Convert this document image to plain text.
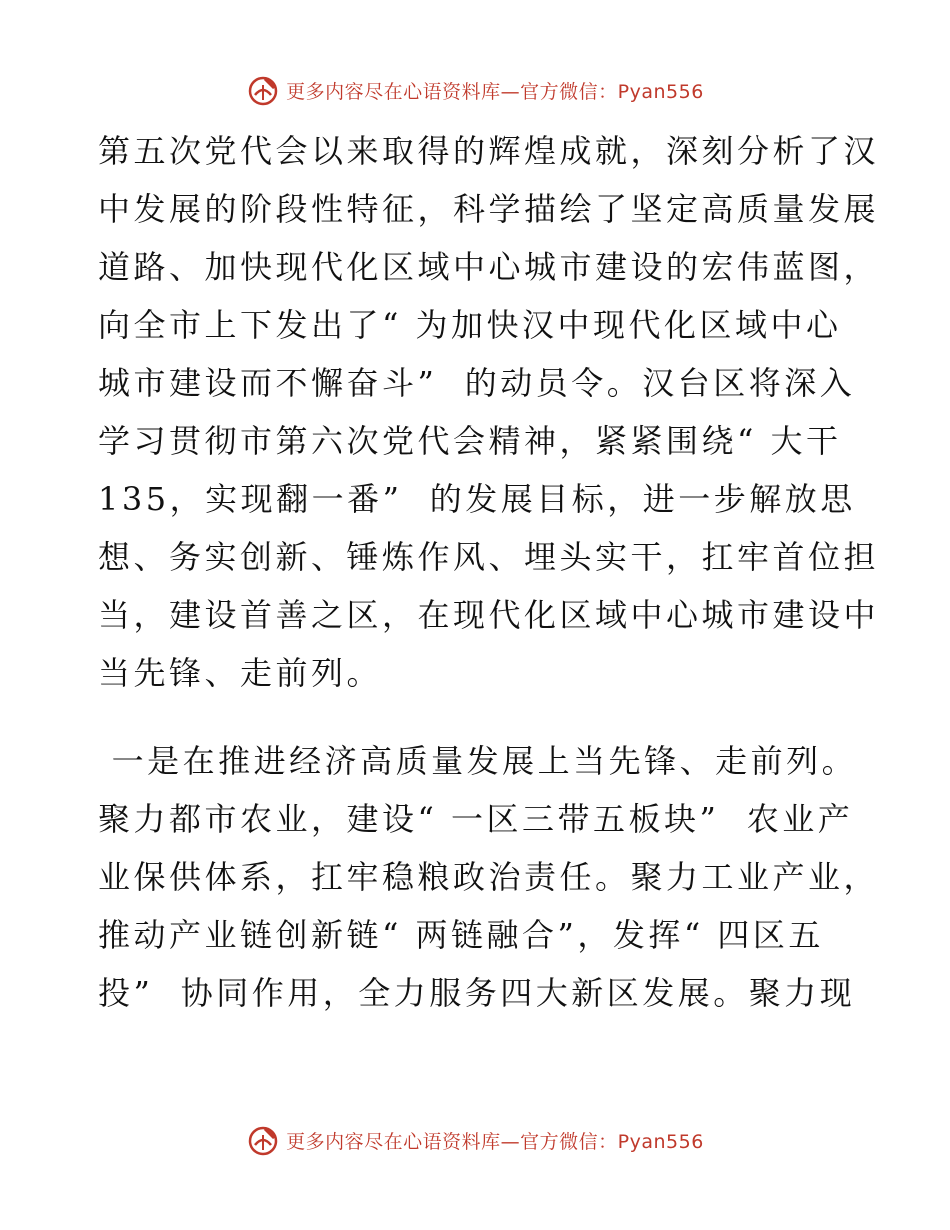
更多内容尽在心语资料库—官方微信：Pyan556

第五次党代会以来取得的辉煌成就，深刻分析了汉

中发展的阶段性特征，科学描绘了坚定高质量发展

道路、加快现代化区域中心城市建设的宏伟蓝图，

向全市上下发出了“ 为加快汉中现代化区域中心

城市建设而不懈奋斗”  的动员令。汉台区将深入

学习贯彻市第六次党代会精神，紧紧围绕“ 大干

135，实现翻一番”  的发展目标，进一步解放思

想、务实创新、锤炼作风、埋头实干，扛牢首位担

当，建设首善之区，在现代化区域中心城市建设中

当先锋、走前列。

一是在推进经济高质量发展上当先锋、走前列。

聚力都市农业，建设“ 一区三带五板块”  农业产

业保供体系，扛牢稳粮政治责任。聚力工业产业，

推动产业链创新链“ 两链融合”，发挥“ 四区五

投”  协同作用，全力服务四大新区发展。聚力现

更多内容尽在心语资料库—官方微信：Pyan556
